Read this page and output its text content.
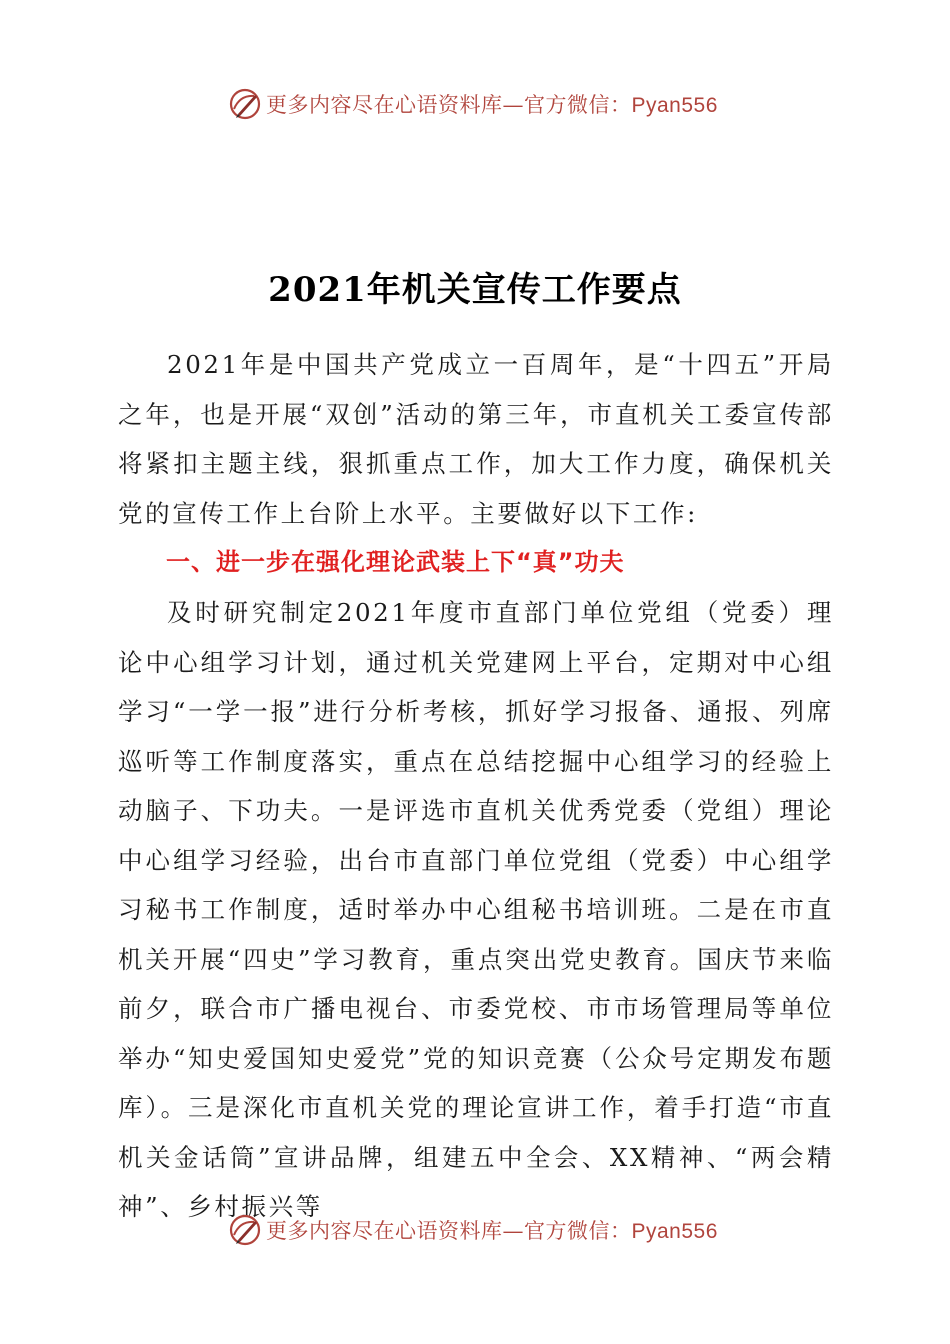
更多内容尽在心语资料库—官方微信：Pyan556
2021年机关宣传工作要点

2021年是中国共产党成立一百周年，是“十四五”开局之年，也是开展“双创”活动的第三年，市直机关工委宣传部将紧扣主题主线，狠抓重点工作，加大工作力度，确保机关党的宣传工作上台阶上水平。主要做好以下工作:

一、进一步在强化理论武装上下“真”功夫

及时研究制定2021年度市直部门单位党组（党委）理论中心组学习计划，通过机关党建网上平台，定期对中心组学习“一学一报”进行分析考核，抓好学习报备、通报、列席巡听等工作制度落实，重点在总结挖掘中心组学习的经验上动脑子、下功夫。一是评选市直机关优秀党委（党组）理论中心组学习经验，出台市直部门单位党组（党委）中心组学习秘书工作制度，适时举办中心组秘书培训班。二是在市直机关开展“四史”学习教育，重点突出党史教育。国庆节来临前夕，联合市广播电视台、市委党校、市市场管理局等单位举办“知史爱国知史爱党”党的知识竞赛（公众号定期发布题库）。三是深化市直机关党的理论宣讲工作，着手打造“市直机关金话筒”宣讲品牌，组建五中全会、XX精神、“两会精神”、乡村振兴等

更多内容尽在心语资料库—官方微信：Pyan556
